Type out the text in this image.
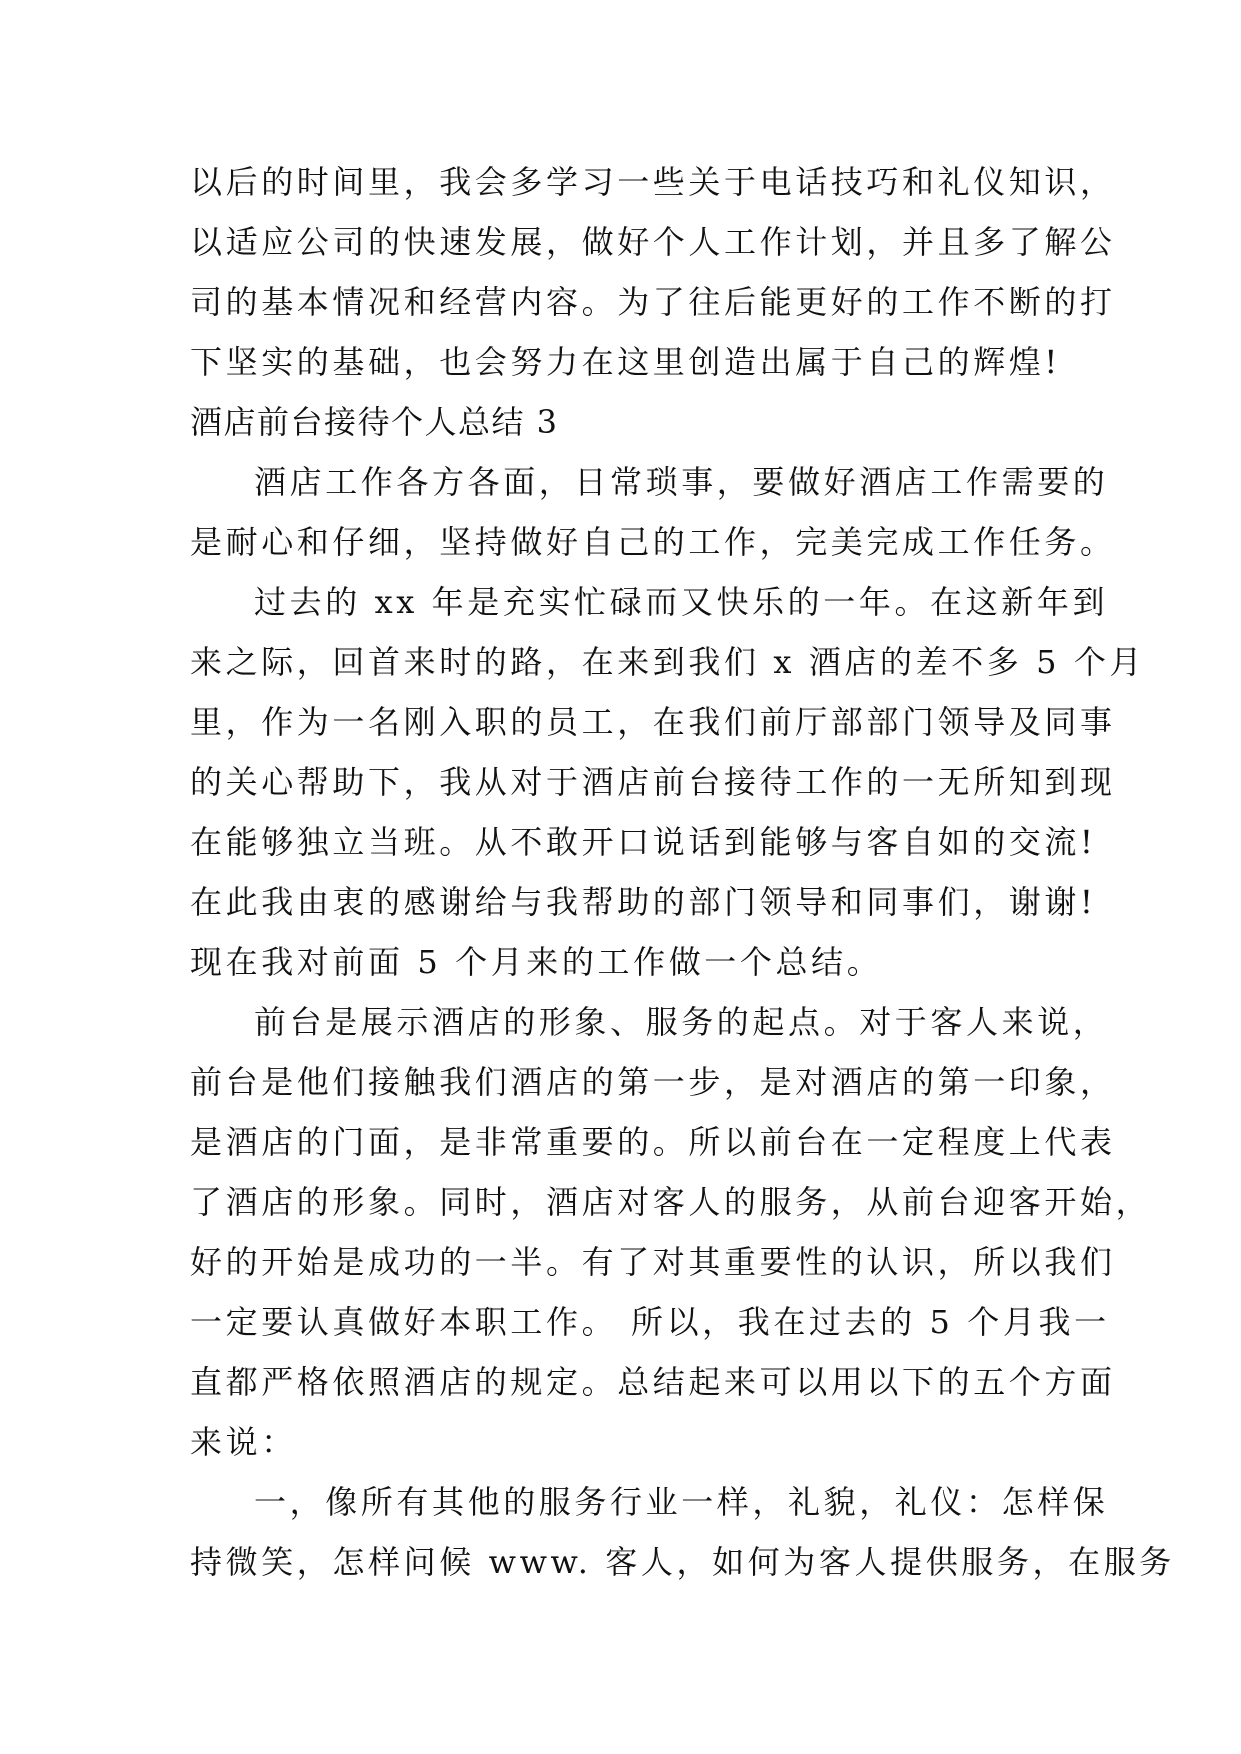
以后的时间里，我会多学习一些关于电话技巧和礼仪知识，
以适应公司的快速发展，做好个人工作计划，并且多了解公
司的基本情况和经营内容。为了往后能更好的工作不断的打
下坚实的基础，也会努力在这里创造出属于自己的辉煌!
酒店前台接待个人总结 3
酒店工作各方各面，日常琐事，要做好酒店工作需要的
是耐心和仔细，坚持做好自己的工作，完美完成工作任务。
过去的 xx 年是充实忙碌而又快乐的一年。在这新年到
来之际，回首来时的路，在来到我们 x 酒店的差不多 5 个月
里，作为一名刚入职的员工，在我们前厅部部门领导及同事
的关心帮助下，我从对于酒店前台接待工作的一无所知到现
在能够独立当班。从不敢开口说话到能够与客自如的交流!
在此我由衷的感谢给与我帮助的部门领导和同事们，谢谢!
现在我对前面 5 个月来的工作做一个总结。
前台是展示酒店的形象、服务的起点。对于客人来说，
前台是他们接触我们酒店的第一步，是对酒店的第一印象，
是酒店的门面，是非常重要的。所以前台在一定程度上代表
了酒店的形象。同时，酒店对客人的服务，从前台迎客开始，
好的开始是成功的一半。有了对其重要性的认识，所以我们
一定要认真做好本职工作。 所以，我在过去的 5 个月我一
直都严格依照酒店的规定。总结起来可以用以下的五个方面
来说：
一，像所有其他的服务行业一样，礼貌，礼仪：怎样保
持微笑，怎样问候 www. 客人，如何为客人提供服务，在服务
